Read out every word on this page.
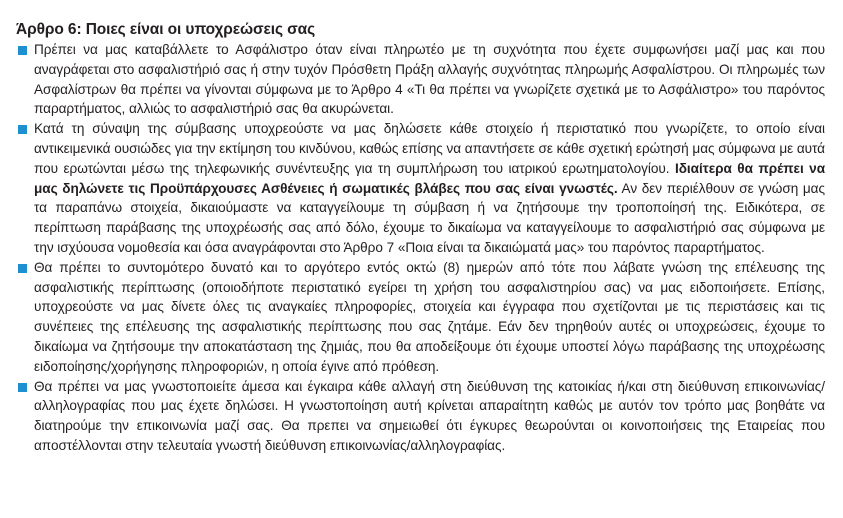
Άρθρο 6: Ποιες είναι οι υποχρεώσεις σας
Πρέπει να μας καταβάλλετε το Ασφάλιστρο όταν είναι πληρωτέο με τη συχνότητα που έχετε συμφωνήσει μαζί μας και που αναγράφεται στο ασφαλιστήριό σας ή στην τυχόν Πρόσθετη Πράξη αλλαγής συχνότητας πληρωμής Ασφαλίστρου. Οι πληρωμές των Ασφαλίστρων θα πρέπει να γίνονται σύμφωνα με το Άρθρο 4 «Τι θα πρέπει να γνωρίζετε σχετικά με το Ασφάλιστρο» του παρόντος παραρτήματος, αλλιώς το ασφαλιστήριό σας θα ακυρώνεται.
Κατά τη σύναψη της σύμβασης υποχρεούστε να μας δηλώσετε κάθε στοιχείο ή περιστατικό που γνωρίζετε, το οποίο είναι αντικειμενικά ουσιώδες για την εκτίμηση του κινδύνου, καθώς επίσης να απαντήσετε σε κάθε σχετική ερώτησή μας σύμφωνα με αυτά που ερωτώνται μέσω της τηλεφωνικής συνέντευξης για τη συμπλήρωση του ιατρικού ερωτηματολογίου. Ιδιαίτερα θα πρέπει να μας δηλώνετε τις Προϋπάρχουσες Ασθένειες ή σωματικές βλάβες που σας είναι γνωστές. Αν δεν περιέλθουν σε γνώση μας τα παραπάνω στοιχεία, δικαιούμαστε να καταγγείλουμε τη σύμβαση ή να ζητήσουμε την τροποποίησή της. Ειδικότερα, σε περίπτωση παράβασης της υποχρέωσής σας από δόλο, έχουμε το δικαίωμα να καταγγείλουμε το ασφαλιστήριό σας σύμφωνα με την ισχύουσα νομοθεσία και όσα αναγράφονται στο Άρθρο 7 «Ποια είναι τα δικαιώματά μας» του παρόντος παραρτήματος.
Θα πρέπει το συντομότερο δυνατό και το αργότερο εντός οκτώ (8) ημερών από τότε που λάβατε γνώση της επέλευσης της ασφαλιστικής περίπτωσης (οποιοδήποτε περιστατικό εγείρει τη χρήση του ασφαλιστηρίου σας) να μας ειδοποιήσετε. Επίσης, υποχρεούστε να μας δίνετε όλες τις αναγκαίες πληροφορίες, στοιχεία και έγγραφα που σχετίζονται με τις περιστάσεις και τις συνέπειες της επέλευσης της ασφαλιστικής περίπτωσης που σας ζητάμε. Εάν δεν τηρηθούν αυτές οι υποχρεώσεις, έχουμε το δικαίωμα να ζητήσουμε την αποκατάσταση της ζημιάς, που θα αποδείξουμε ότι έχουμε υποστεί λόγω παράβασης της υποχρέωσης ειδοποίησης/χορήγησης πληροφοριών, η οποία έγινε από πρόθεση.
Θα πρέπει να μας γνωστοποιείτε άμεσα και έγκαιρα κάθε αλλαγή στη διεύθυνση της κατοικίας ή/και στη διεύθυνση επικοινωνίας/αλληλογραφίας που μας έχετε δηλώσει. Η γνωστοποίηση αυτή κρίνεται απαραίτητη καθώς με αυτόν τον τρόπο μας βοηθάτε να διατηρούμε την επικοινωνία μαζί σας. Θα πρεπει να σημειωθεί ότι έγκυρες θεωρούνται οι κοινοποιήσεις της Εταιρείας που αποστέλλονται στην τελευταία γνωστή διεύθυνση επικοινωνίας/αλληλογραφίας.
